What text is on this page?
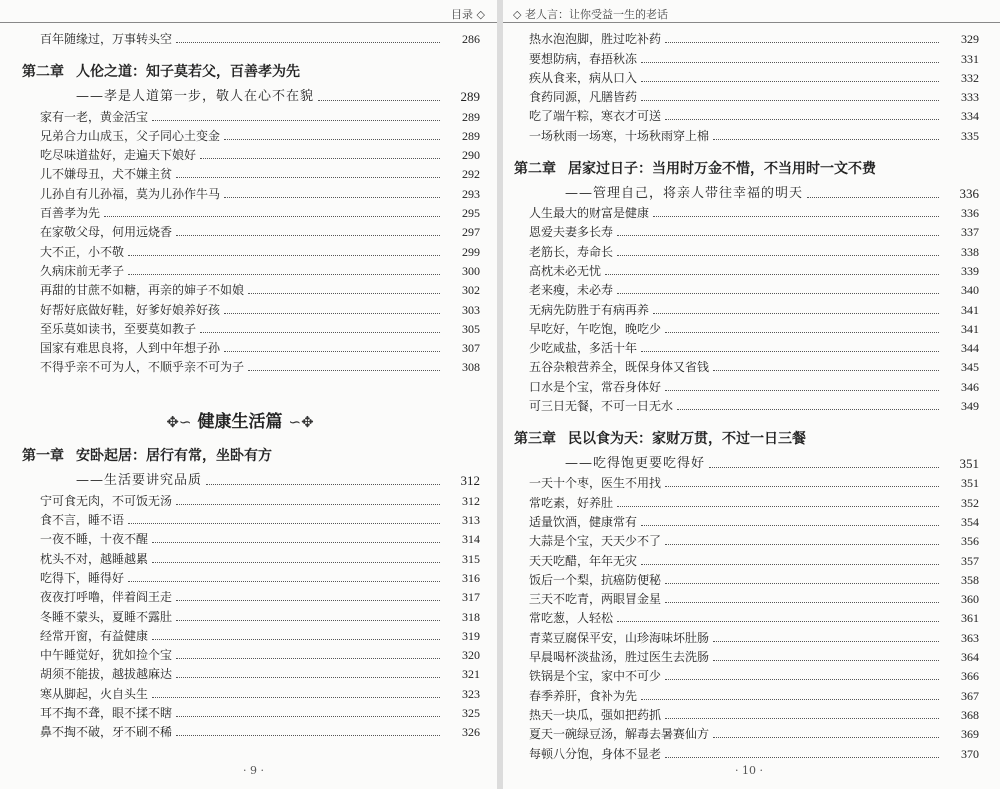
目录 ◇
百年随缘过，万事转头空	286
第二章 人伦之道：知子莫若父，百善孝为先
——孝是人道第一步，敬人在心不在貌	289
家有一老，黄金活宝	289
兄弟合力山成玉，父子同心土变金	289
吃尽味道盐好，走遍天下娘好	290
儿不嫌母丑，犬不嫌主贫	292
儿孙自有儿孙福，莫为儿孙作牛马	293
百善孝为先	295
在家敬父母，何用远烧香	297
大不正，小不敬	299
久病床前无孝子	300
再甜的甘蔗不如糖，再亲的婶子不如娘	302
好帮好底做好鞋，好爹好娘养好孩	303
至乐莫如读书，至要莫如教子	305
国家有难思良将，人到中年想子孙	307
不得乎亲不可为人，不顺乎亲不可为子	308
✥∽ 健康生活篇 ∽✥
第一章 安卧起居：居行有常，坐卧有方
——生活要讲究品质	312
宁可食无肉，不可饭无汤	312
食不言，睡不语	313
一夜不睡，十夜不醒	314
枕头不对，越睡越累	315
吃得下，睡得好	316
夜夜打呼噜，伴着阎王走	317
冬睡不蒙头，夏睡不露肚	318
经常开窗，有益健康	319
中午睡觉好，犹如捡个宝	320
胡须不能拔，越拔越麻达	321
寒从脚起，火自头生	323
耳不掏不聋，眼不揉不瞎	325
鼻不掏不破，牙不刷不稀	326
· 9 ·
◇ 老人言：让你受益一生的老话
热水泡泡脚，胜过吃补药	329
要想防病，春捂秋冻	331
疾从食来，病从口入	332
食药同源，凡膳皆药	333
吃了端午粽，寒衣才可送	334
一场秋雨一场寒，十场秋雨穿上棉	335
第二章 居家过日子：当用时万金不惜，不当用时一文不费
——管理自己，将亲人带往幸福的明天	336
人生最大的财富是健康	336
恩爱夫妻多长寿	337
老筋长，寿命长	338
高枕未必无忧	339
老来瘦，未必寿	340
无病先防胜于有病再养	341
早吃好，午吃饱，晚吃少	341
少吃咸盐，多活十年	344
五谷杂粮营养全，既保身体又省钱	345
口水是个宝，常吞身体好	346
可三日无餐，不可一日无水	349
第三章 民以食为天：家财万贯，不过一日三餐
——吃得饱更要吃得好	351
一天十个枣，医生不用找	351
常吃素，好养肚	352
适量饮酒，健康常有	354
大蒜是个宝，天天少不了	356
天天吃醋，年年无灾	357
饭后一个梨，抗癌防便秘	358
三天不吃青，两眼冒金星	360
常吃葱，人轻松	361
青菜豆腐保平安，山珍海味坏肚肠	363
早晨喝杯淡盐汤，胜过医生去洗肠	364
铁锅是个宝，家中不可少	366
春季养肝，食补为先	367
热天一块瓜，强如把药抓	368
夏天一碗绿豆汤，解毒去暑赛仙方	369
每顿八分饱，身体不显老	370
· 10 ·
